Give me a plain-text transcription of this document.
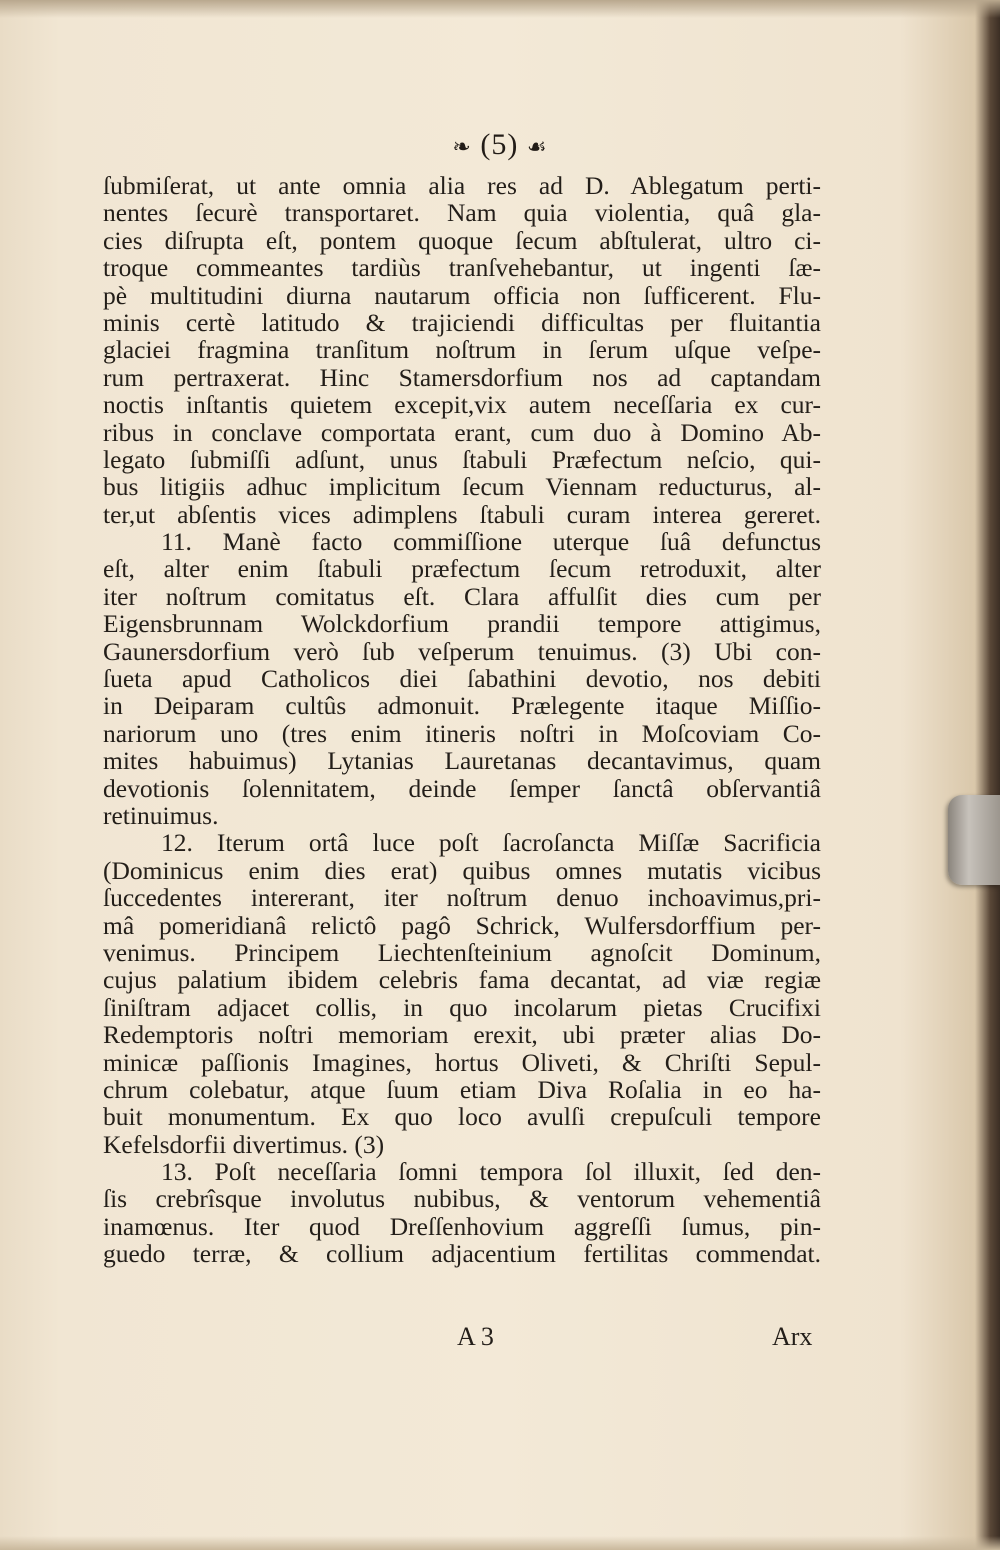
❧ (5) ☙
ſubmiſerat, ut ante omnia alia res ad D. Ablegatum perti-
nentes ſecurè transportaret. Nam quia violentia, quâ gla-
cies diſrupta eſt, pontem quoque ſecum abſtulerat, ultro ci-
troque commeantes tardiùs tranſvehebantur, ut ingenti ſæ-
pè multitudini diurna nautarum officia non ſufficerent. Flu-
minis certè latitudo & trajiciendi difficultas per fluitantia
glaciei fragmina tranſitum noſtrum in ſerum uſque veſpe-
rum pertraxerat. Hinc Stamersdorfium nos ad captandam
noctis inſtantis quietem excepit,vix autem neceſſaria ex cur-
ribus in conclave comportata erant, cum duo à Domino Ab-
legato ſubmiſſi adſunt, unus ſtabuli Præfectum neſcio, qui-
bus litigiis adhuc implicitum ſecum Viennam reducturus, al-
ter,ut abſentis vices adimplens ſtabuli curam interea gereret.
11. Manè facto commiſſione uterque ſuâ defunctus
eſt, alter enim ſtabuli præfectum ſecum retroduxit, alter
iter noſtrum comitatus eſt. Clara affulſit dies cum per
Eigensbrunnam Wolckdorfium prandii tempore attigimus,
Gaunersdorfium verò ſub veſperum tenuimus. (3) Ubi con-
ſueta apud Catholicos diei ſabathini devotio, nos debiti
in Deiparam cultûs admonuit. Prælegente itaque Miſſio-
nariorum uno (tres enim itineris noſtri in Moſcoviam Co-
mites habuimus) Lytanias Lauretanas decantavimus, quam
devotionis ſolennitatem, deinde ſemper ſanctâ obſervantiâ
retinuimus.
12. Iterum ortâ luce poſt ſacroſancta Miſſæ Sacrificia
(Dominicus enim dies erat) quibus omnes mutatis vicibus
ſuccedentes intererant, iter noſtrum denuo inchoavimus,pri-
mâ pomeridianâ relictô pagô Schrick, Wulfersdorffium per-
venimus. Principem Liechtenſteinium agnoſcit Dominum,
cujus palatium ibidem celebris fama decantat, ad viæ regiæ
ſiniſtram adjacet collis, in quo incolarum pietas Crucifixi
Redemptoris noſtri memoriam erexit, ubi præter alias Do-
minicæ paſſionis Imagines, hortus Oliveti, & Chriſti Sepul-
chrum colebatur, atque ſuum etiam Diva Roſalia in eo ha-
buit monumentum. Ex quo loco avulſi crepuſculi tempore
Kefelsdorfii divertimus. (3)
13. Poſt neceſſaria ſomni tempora ſol illuxit, ſed den-
ſis crebrîsque involutus nubibus, & ventorum vehementiâ
inamœnus. Iter quod Dreſſenhovium aggreſſi ſumus, pin-
guedo terræ, & collium adjacentium fertilitas commendat.
A 3	Arx
